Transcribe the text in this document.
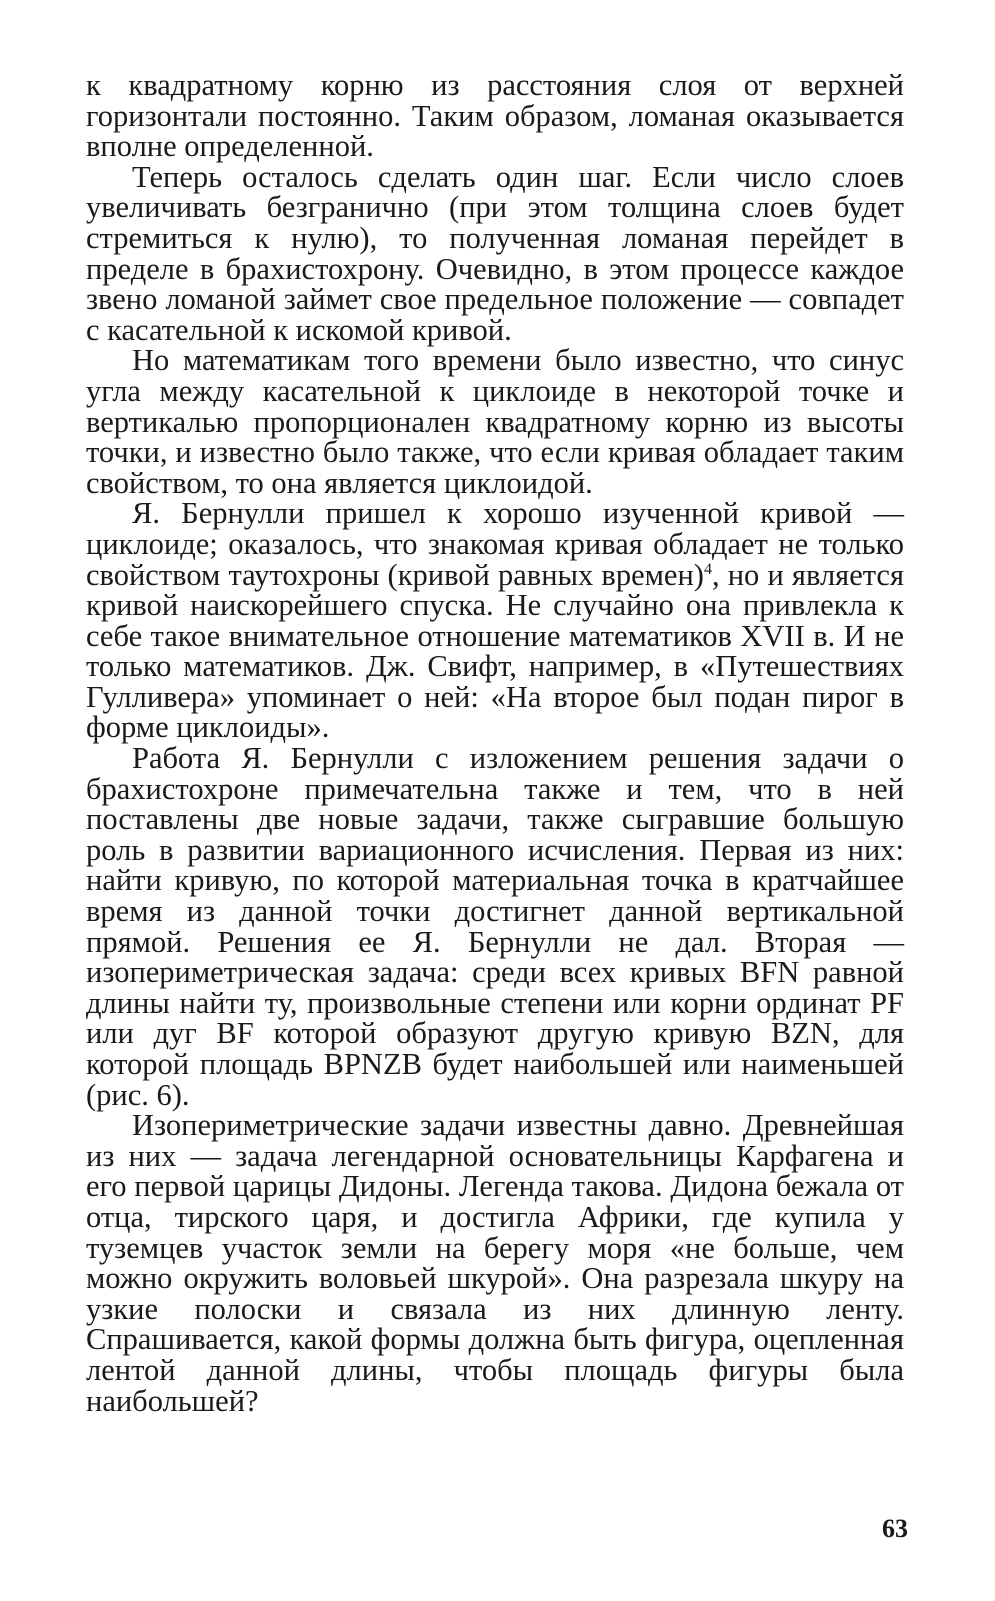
к квадратному корню из расстояния слоя от верхней горизонтали постоянно. Таким образом, ломаная оказывается вполне определенной.

Теперь осталось сделать один шаг. Если число слоев увеличивать безгранично (при этом толщина слоев будет стремиться к нулю), то полученная ломаная перейдет в пределе в брахистохрону. Очевидно, в этом процессе каждое звено ломаной займет свое предельное положение — совпадет с касательной к искомой кривой.

Но математикам того времени было известно, что синус угла между касательной к циклоиде в некоторой точке и вертикалью пропорционален квадратному корню из высоты точки, и известно было также, что если кривая обладает таким свойством, то она является циклоидой.

Я. Бернулли пришел к хорошо изученной кривой — циклоиде; оказалось, что знакомая кривая обладает не только свойством таутохроны (кривой равных времен)$^4$, но и является кривой наискорейшего спуска. Не случайно она привлекла к себе такое внимательное отношение математиков XVII в. И не только математиков. Дж. Свифт, например, в «Путешествиях Гулливера» упоминает о ней: «На второе был подан пирог в форме циклоиды».

Работа Я. Бернулли с изложением решения задачи о брахистохроне примечательна также и тем, что в ней поставлены две новые задачи, также сыгравшие большую роль в развитии вариационного исчисления. Первая из них: найти кривую, по которой материальная точка в кратчайшее время из данной точки достигнет данной вертикальной прямой. Решения ее Я. Бернулли не дал. Вторая — изопериметрическая задача: среди всех кривых BFN равной длины найти ту, произвольные степени или корни ординат PF или дуг BF которой образуют другую кривую BZN, для которой площадь BPNZB будет наибольшей или наименьшей (рис. 6).

Изопериметрические задачи известны давно. Древнейшая из них — задача легендарной основательницы Карфагена и его первой царицы Дидоны. Легенда такова. Дидона бежала от отца, тирского царя, и достигла Африки, где купила у туземцев участок земли на берегу моря «не больше, чем можно окружить воловьей шкурой». Она разрезала шкуру на узкие полоски и связала из них длинную ленту. Спрашивается, какой формы должна быть фигура, оцепленная лентой данной длины, чтобы площадь фигуры была наибольшей?

63
